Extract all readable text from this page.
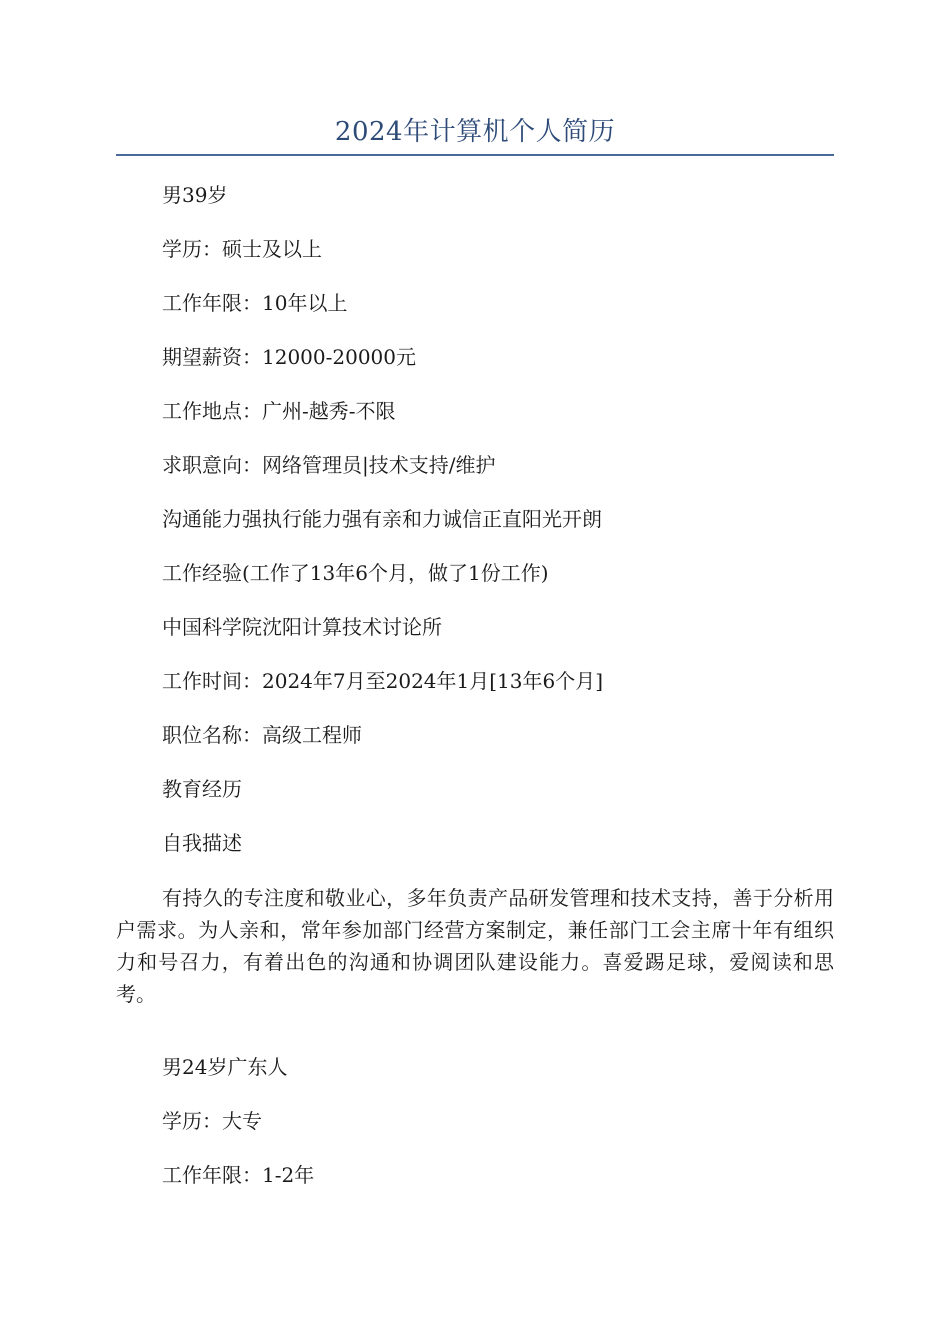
2024年计算机个人简历
男39岁
学历：硕士及以上
工作年限：10年以上
期望薪资：12000-20000元
工作地点：广州-越秀-不限
求职意向：网络管理员|技术支持/维护
沟通能力强执行能力强有亲和力诚信正直阳光开朗
工作经验(工作了13年6个月，做了1份工作)
中国科学院沈阳计算技术讨论所
工作时间：2024年7月至2024年1月[13年6个月]
职位名称：高级工程师
教育经历
自我描述
有持久的专注度和敬业心，多年负责产品研发管理和技术支持，善于分析用户需求。为人亲和，常年参加部门经营方案制定，兼任部门工会主席十年有组织力和号召力，有着出色的沟通和协调团队建设能力。喜爱踢足球，爱阅读和思考。
男24岁广东人
学历：大专
工作年限：1-2年
